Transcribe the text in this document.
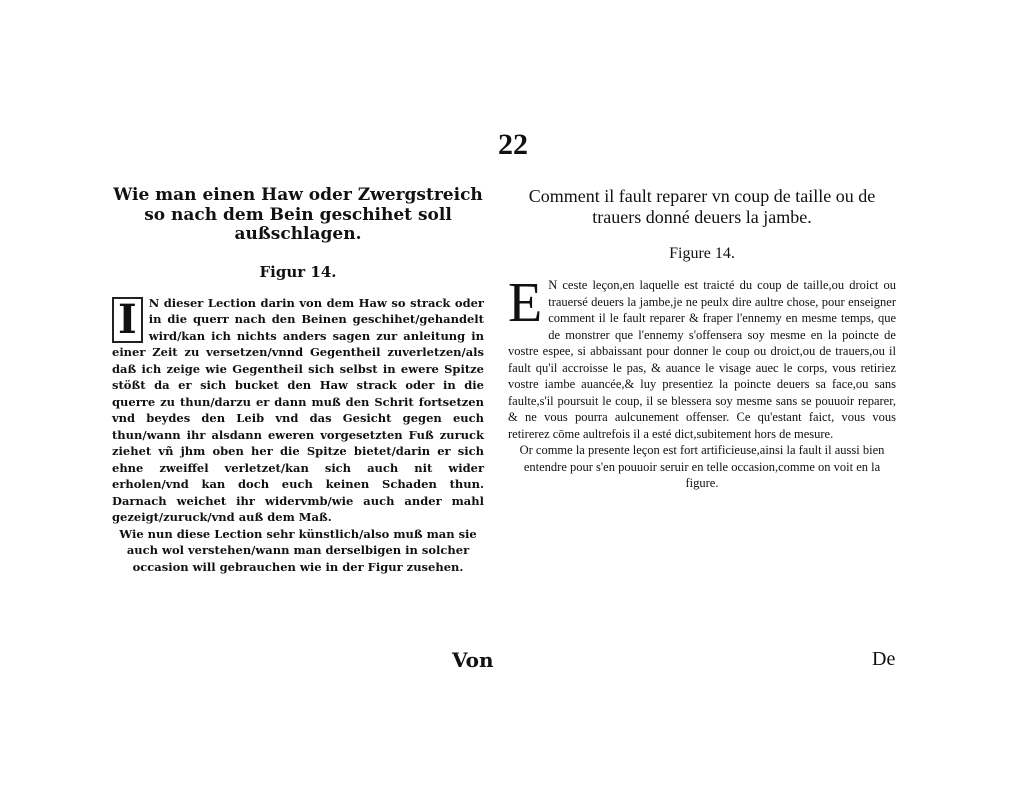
22
Wie man einen Haw oder Zwergstreich so nach dem Bein geschihet soll außschlagen.
Figur 14.
I	N dieser Lection darin von dem Haw so strack oder in die querr nach den Beinen geschihet/gehandelt wird/kan ich nichts anders sagen zur anleitung in einer Zeit zu versetzen/vnnd Gegentheil zuverletzen/als daß ich zeige wie Gegentheil sich selbst in ewere Spitze stößt da er sich bucket den Haw strack oder in die querre zu thun/darzu er dann muß den Schrit fortsetzen vnd beydes den Leib vnd das Gesicht gegen euch thun/wann ihr alsdann eweren vorgesetzten Fuß zuruck ziehet vñ jhm oben her die Spitze bietet/darin er sich ehne zweiffel verletzet/kan sich auch nit wider erholen/vnd kan doch euch keinen Schaden thun. Darnach weichet ihr widervmb/wie auch ander mahl gezeigt/zuruck/vnd auß dem Maß.

Wie nun diese Lection sehr künstlich/also muß man sie auch wol verstehen/wann man derselbigen in solcher occasion will gebrauchen wie in der Figur zusehen.
Comment il fault reparer vn coup de taille ou de trauers donné deuers la jambe.
Figure 14.
E N ceste leçon,en laquelle est traicté du coup de taille,ou droict ou trauersé deuers la jambe,je ne peulx dire aultre chose, pour enseigner comment il le fault reparer & fraper l'ennemy en mesme temps, que de monstrer que l'ennemy s'offensera soy mesme en la poincte de vostre espee, si abbaissant pour donner le coup ou droict,ou de trauers,ou il fault qu'il accroisse le pas, & auance le visage auec le corps, vous retiriez vostre iambe auancée,& luy presentiez la poincte deuers sa face,ou sans faulte,s'il poursuit le coup, il se blessera soy mesme sans se pouuoir reparer, & ne vous pourra aulcunement offenser. Ce qu'estant faict, vous vous retirerez cōme aultrefois il a esté dict,subitement hors de mesure.

Or comme la presente leçon est fort artificieuse,ainsi la fault il aussi bien entendre pour s'en pouuoir seruir en telle occasion,comme on voit en la figure.
Von	De
